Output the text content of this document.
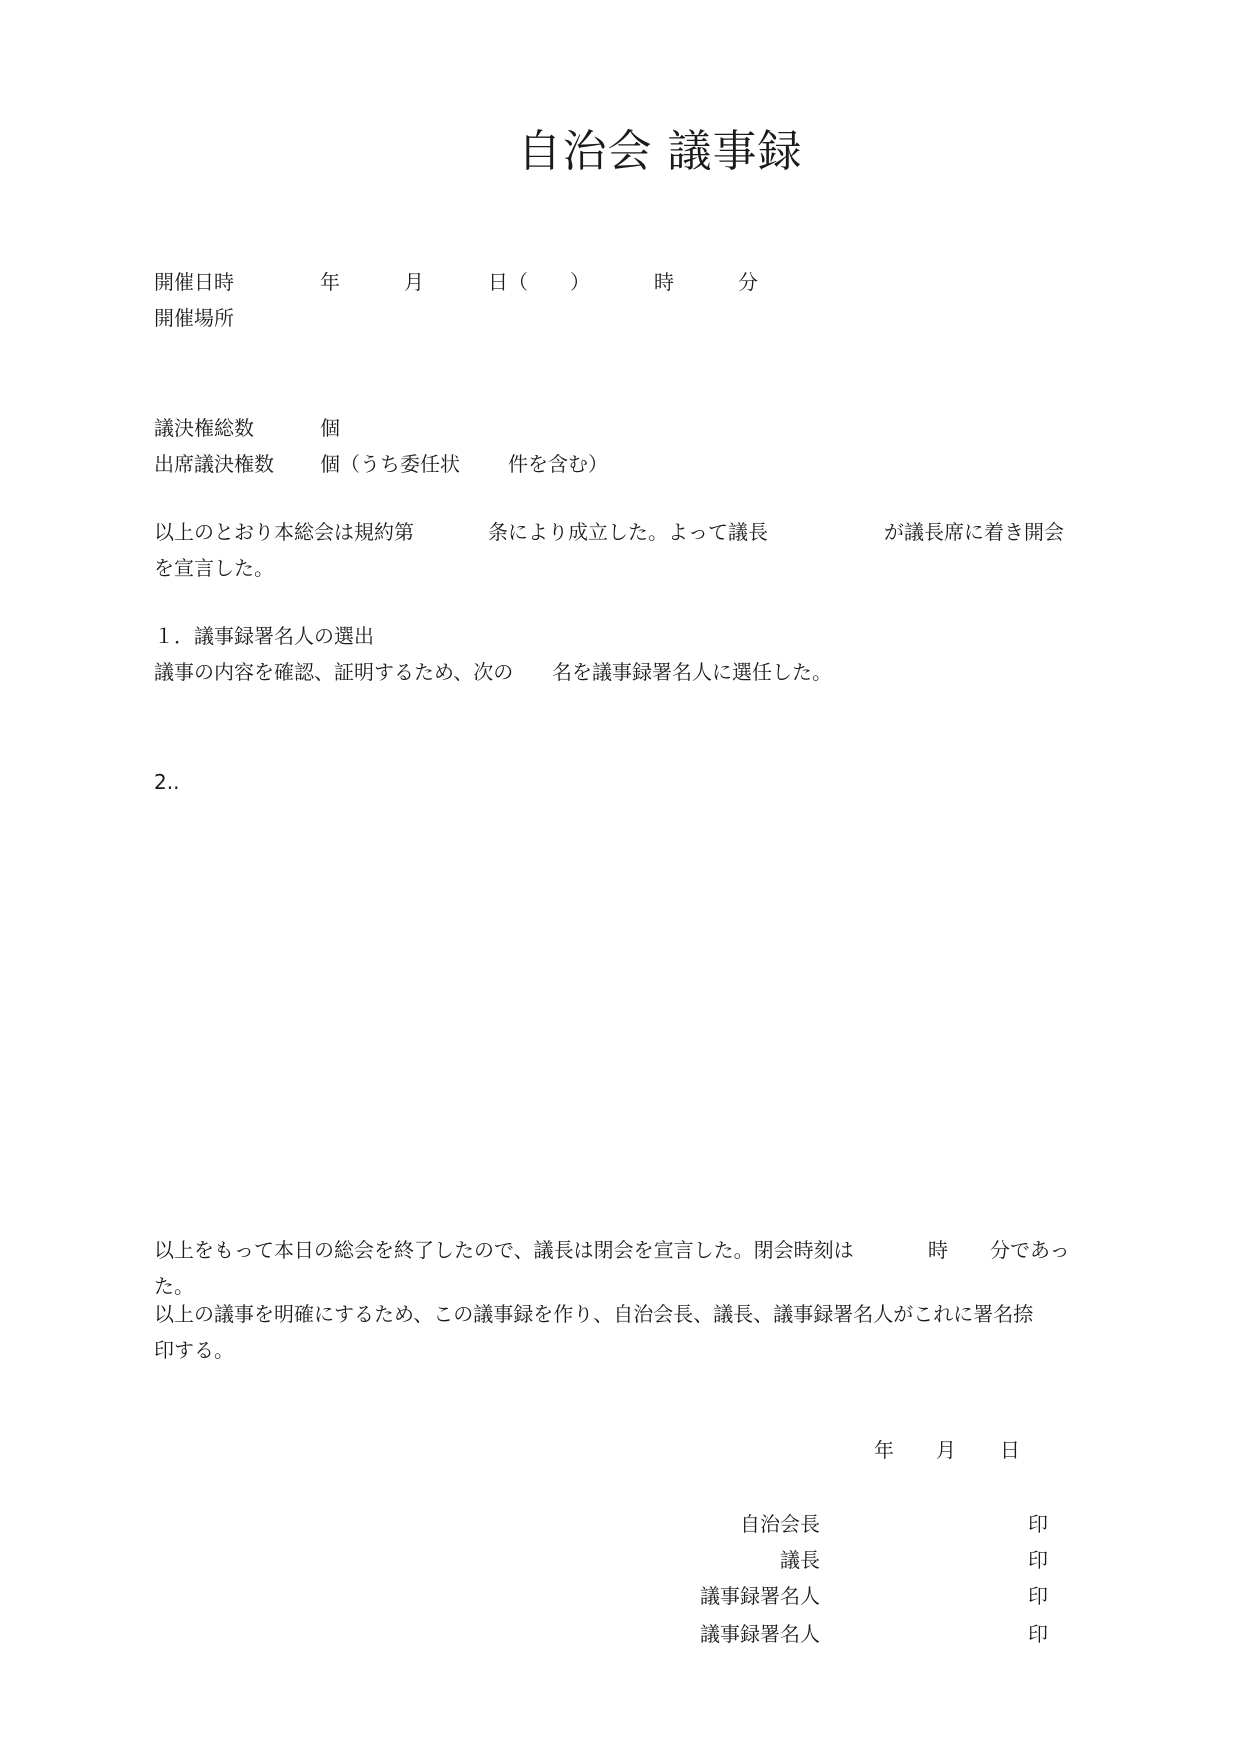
自治会 議事録
開催日時	年	月	日（ ）	時	分
開催場所
議決権総数	個
出席議決権数 個（うち委任状 件を含む）
以上のとおり本総会は規約第	条により成立した。よって議長	が議長席に着き開会
を宣言した。
１．議事録署名人の選出
議事の内容を確認、証明するため、次の 名を議事録署名人に選任した。
2..
以上をもって本日の総会を終了したので、議長は閉会を宣言した。閉会時刻は	時 分であっ
た。
以上の議事を明確にするため、この議事録を作り、自治会長、議長、議事録署名人がこれに署名捺
印する。
年 月 日
自治会長	印
議長	印
議事録署名人	印
議事録署名人	印
